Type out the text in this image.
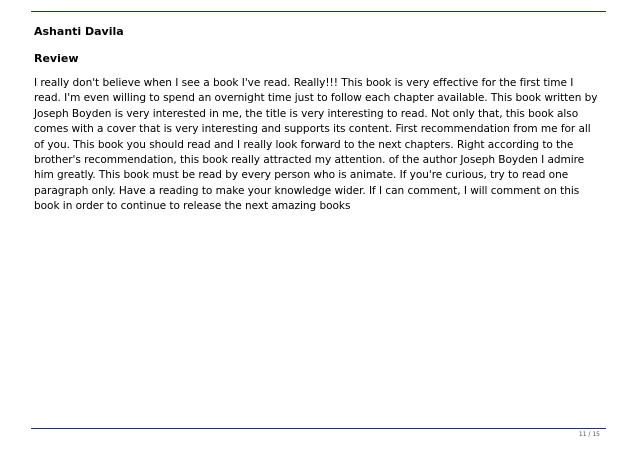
Ashanti Davila

Review

I really don't believe when I see a book I've read. Really!!! This book is very effective for the first time I read. I'm even willing to spend an overnight time just to follow each chapter available. This book written by Joseph Boyden is very interested in me, the title is very interesting to read. Not only that, this book also comes with a cover that is very interesting and supports its content. First recommendation from me for all of you. This book you should read and I really look forward to the next chapters. Right according to the brother's recommendation, this book really attracted my attention. of the author Joseph Boyden I admire him greatly. This book must be read by every person who is animate. If you're curious, try to read one paragraph only. Have a reading to make your knowledge wider. If I can comment, I will comment on this book in order to continue to release the next amazing books

11 / 15
